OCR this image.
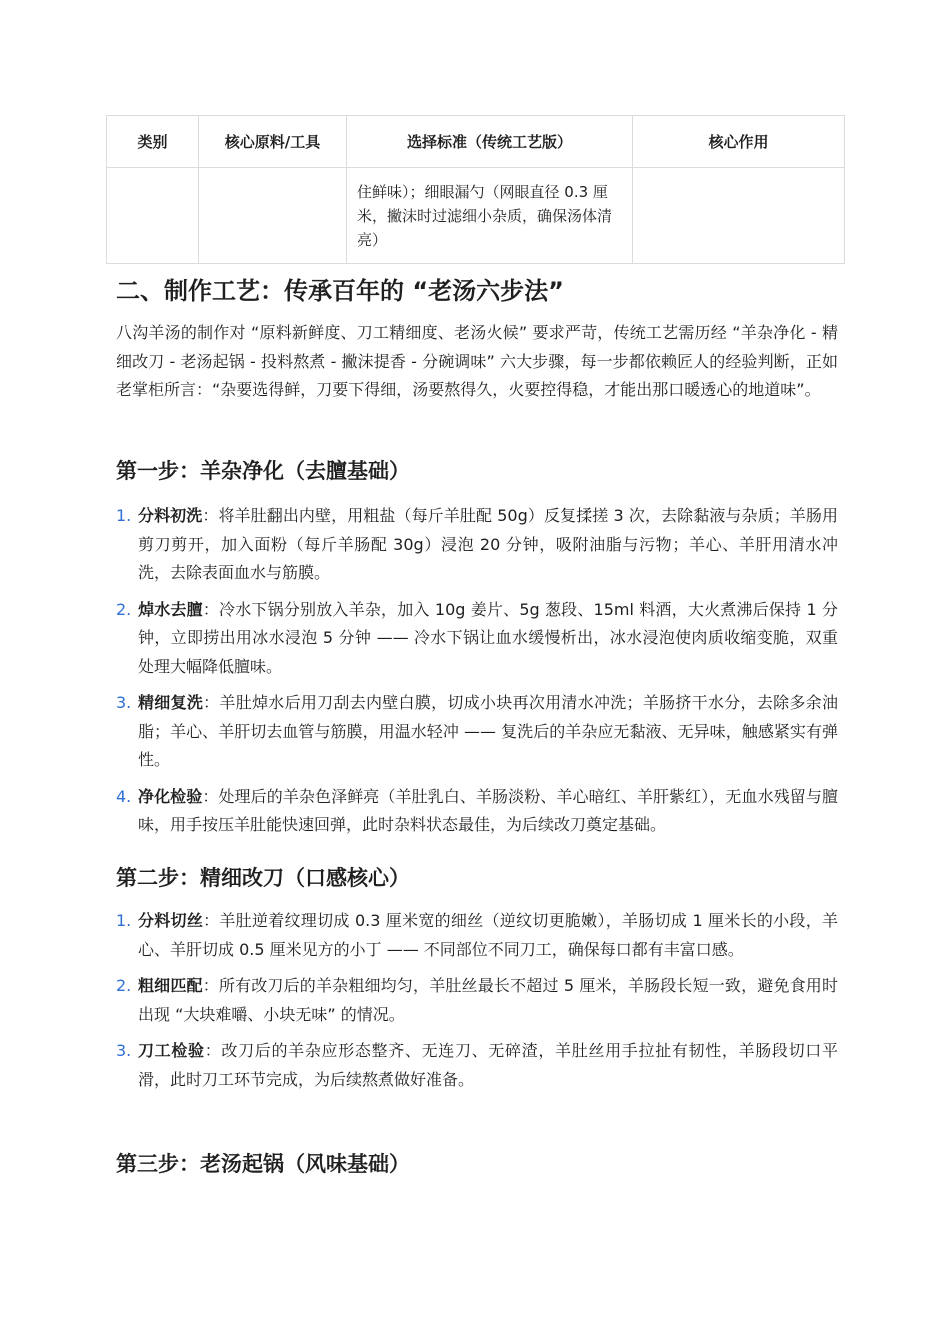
类别	核心原料/工具	选择标准（传统工艺版）	核心作用
		住鲜味）；细眼漏勺（网眼直径 0.3 厘米，撇沫时过滤细小杂质，确保汤体清亮）	
二、制作工艺：传承百年的 “老汤六步法”

八沟羊汤的制作对 “原料新鲜度、刀工精细度、老汤火候” 要求严苛，传统工艺需历经 “羊杂净化 - 精细改刀 - 老汤起锅 - 投料熬煮 - 撇沫提香 - 分碗调味” 六大步骤，每一步都依赖匠人的经验判断，正如老掌柜所言：“杂要选得鲜，刀要下得细，汤要熬得久，火要控得稳，才能出那口暖透心的地道味”。

第一步：羊杂净化（去膻基础）
1. 分料初洗：将羊肚翻出内壁，用粗盐（每斤羊肚配 50g）反复揉搓 3 次，去除黏液与杂质；羊肠用剪刀剪开，加入面粉（每斤羊肠配 30g）浸泡 20 分钟，吸附油脂与污物；羊心、羊肝用清水冲洗，去除表面血水与筋膜。
2. 焯水去膻：冷水下锅分别放入羊杂，加入 10g 姜片、5g 葱段、15ml 料酒，大火煮沸后保持 1 分钟，立即捞出用冰水浸泡 5 分钟 —— 冷水下锅让血水缓慢析出，冰水浸泡使肉质收缩变脆，双重处理大幅降低膻味。
3. 精细复洗：羊肚焯水后用刀刮去内壁白膜，切成小块再次用清水冲洗；羊肠挤干水分，去除多余油脂；羊心、羊肝切去血管与筋膜，用温水轻冲 —— 复洗后的羊杂应无黏液、无异味，触感紧实有弹性。
4. 净化检验：处理后的羊杂色泽鲜亮（羊肚乳白、羊肠淡粉、羊心暗红、羊肝紫红），无血水残留与膻味，用手按压羊肚能快速回弹，此时杂料状态最佳，为后续改刀奠定基础。
第二步：精细改刀（口感核心）
1. 分料切丝：羊肚逆着纹理切成 0.3 厘米宽的细丝（逆纹切更脆嫩），羊肠切成 1 厘米长的小段，羊心、羊肝切成 0.5 厘米见方的小丁 —— 不同部位不同刀工，确保每口都有丰富口感。
2. 粗细匹配：所有改刀后的羊杂粗细均匀，羊肚丝最长不超过 5 厘米，羊肠段长短一致，避免食用时出现 “大块难嚼、小块无味” 的情况。
3. 刀工检验：改刀后的羊杂应形态整齐、无连刀、无碎渣，羊肚丝用手拉扯有韧性，羊肠段切口平滑，此时刀工环节完成，为后续熬煮做好准备。
第三步：老汤起锅（风味基础）
